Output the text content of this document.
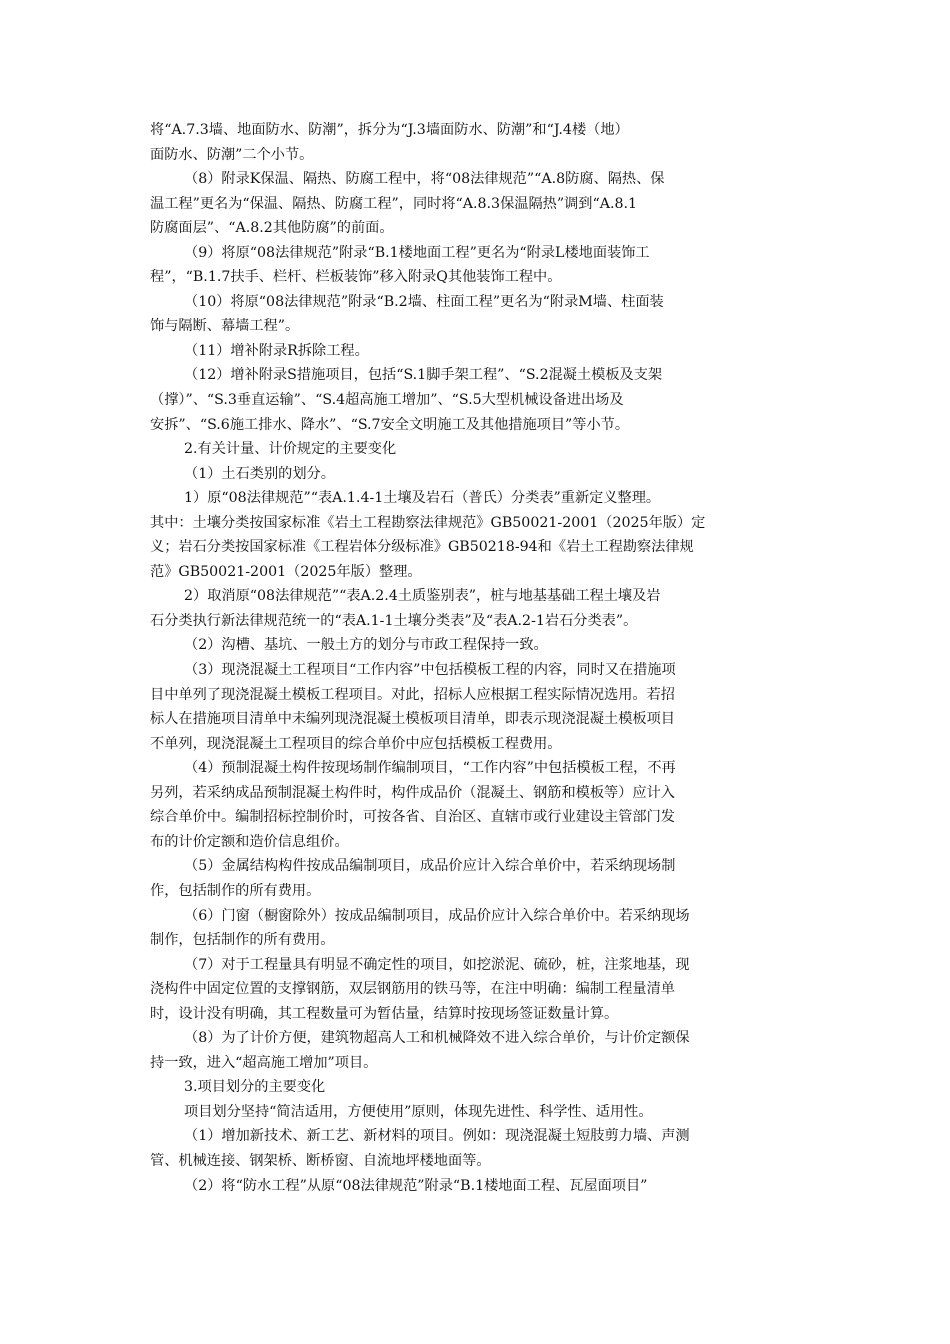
将“A.7.3墙、地面防水、防潮”，拆分为“J.3墙面防水、防潮”和“J.4楼（地）
面防水、防潮”二个小节。
（8）附录K保温、隔热、防腐工程中，将“08法律规范”“A.8防腐、隔热、保
温工程”更名为“保温、隔热、防腐工程”，同时将“A.8.3保温隔热”调到“A.8.1
防腐面层”、“A.8.2其他防腐”的前面。
（9）将原“08法律规范”附录“B.1楼地面工程”更名为“附录L楼地面装饰工
程”，“B.1.7扶手、栏杆、栏板装饰”移入附录Q其他装饰工程中。
（10）将原“08法律规范”附录“B.2墙、柱面工程”更名为“附录M墙、柱面装
饰与隔断、幕墙工程”。
（11）增补附录R拆除工程。
（12）增补附录S措施项目，包括“S.1脚手架工程”、“S.2混凝土模板及支架
（撑）”、“S.3垂直运输”、“S.4超高施工增加”、“S.5大型机械设备进出场及
安拆”、“S.6施工排水、降水”、“S.7安全文明施工及其他措施项目”等小节。
2.有关计量、计价规定的主要变化
（1）土石类别的划分。
1）原“08法律规范”“表A.1.4-1土壤及岩石（普氏）分类表”重新定义整理。
其中：土壤分类按国家标准《岩土工程勘察法律规范》GB50021-2001（2025年版）定
义；岩石分类按国家标准《工程岩体分级标准》GB50218-94和《岩土工程勘察法律规
范》GB50021-2001（2025年版）整理。
2）取消原“08法律规范”“表A.2.4土质鉴别表”，桩与地基基础工程土壤及岩
石分类执行新法律规范统一的“表A.1-1土壤分类表”及“表A.2-1岩石分类表”。
（2）沟槽、基坑、一般土方的划分与市政工程保持一致。
（3）现浇混凝土工程项目“工作内容”中包括模板工程的内容，同时又在措施项
目中单列了现浇混凝土模板工程项目。对此，招标人应根据工程实际情况选用。若招
标人在措施项目清单中未编列现浇混凝土模板项目清单，即表示现浇混凝土模板项目
不单列，现浇混凝土工程项目的综合单价中应包括模板工程费用。
（4）预制混凝土构件按现场制作编制项目，“工作内容”中包括模板工程，不再
另列，若采纳成品预制混凝土构件时，构件成品价（混凝土、钢筋和模板等）应计入
综合单价中。编制招标控制价时，可按各省、自治区、直辖市或行业建设主管部门发
布的计价定额和造价信息组价。
（5）金属结构构件按成品编制项目，成品价应计入综合单价中，若采纳现场制
作，包括制作的所有费用。
（6）门窗（橱窗除外）按成品编制项目，成品价应计入综合单价中。若采纳现场
制作，包括制作的所有费用。
（7）对于工程量具有明显不确定性的项目，如挖淤泥、硫砂，桩，注浆地基，现
浇构件中固定位置的支撑钢筋，双层钢筋用的铁马等，在注中明确：编制工程量清单
时，设计没有明确，其工程数量可为暂估量，结算时按现场签证数量计算。
（8）为了计价方便，建筑物超高人工和机械降效不进入综合单价，与计价定额保
持一致，进入“超高施工增加”项目。
3.项目划分的主要变化
项目划分坚持“简洁适用，方便使用”原则，体现先进性、科学性、适用性。
（1）增加新技术、新工艺、新材料的项目。例如：现浇混凝土短肢剪力墙、声测
管、机械连接、钢架桥、断桥窗、自流地坪楼地面等。
（2）将“防水工程”从原“08法律规范”附录“B.1楼地面工程、瓦屋面项目”
